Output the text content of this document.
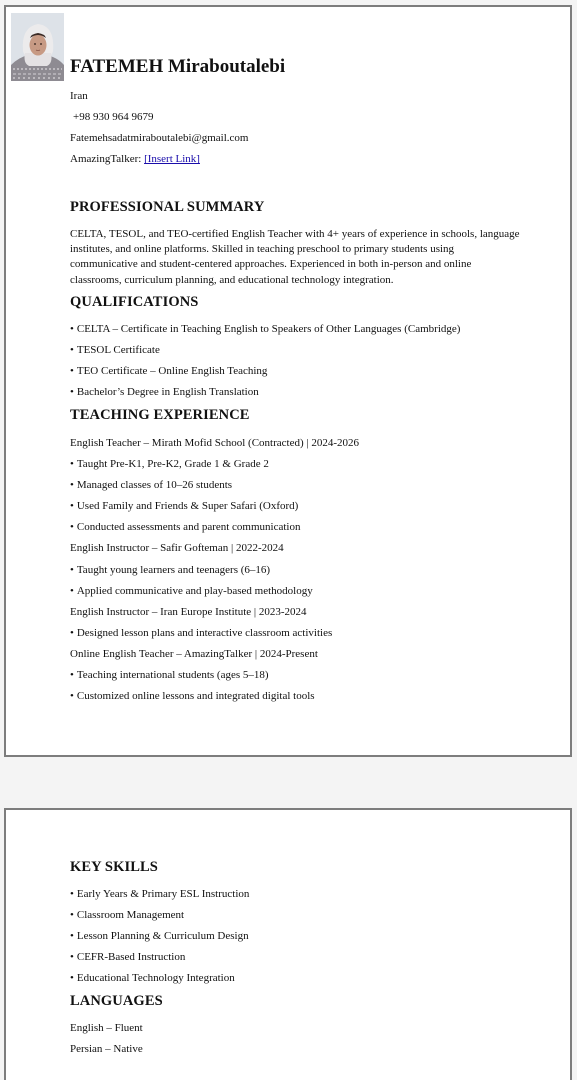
FATEMEH Miraboutalebi

Iran

+98 930 964 9679

Fatemehsadatmiraboutalebi@gmail.com

AmazingTalker: [Insert Link]

PROFESSIONAL SUMMARY

CELTA, TESOL, and TEO-certified English Teacher with 4+ years of experience in schools, language institutes, and online platforms. Skilled in teaching preschool to primary students using communicative and student-centered approaches. Experienced in both in-person and online classrooms, curriculum planning, and educational technology integration.

QUALIFICATIONS
• CELTA – Certificate in Teaching English to Speakers of Other Languages (Cambridge)
• TESOL Certificate
• TEO Certificate – Online English Teaching
• Bachelor’s Degree in English Translation
TEACHING EXPERIENCE
English Teacher – Mirath Mofid School (Contracted) | 2024-2026
• Taught Pre-K1, Pre-K2, Grade 1 & Grade 2
• Managed classes of 10–26 students
• Used Family and Friends & Super Safari (Oxford)
• Conducted assessments and parent communication
English Instructor – Safir Gofteman | 2022-2024
• Taught young learners and teenagers (6–16)
• Applied communicative and play-based methodology
English Instructor – Iran Europe Institute | 2023-2024
• Designed lesson plans and interactive classroom activities
Online English Teacher – AmazingTalker | 2024-Present
• Teaching international students (ages 5–18)
• Customized online lessons and integrated digital tools
KEY SKILLS
• Early Years & Primary ESL Instruction
• Classroom Management
• Lesson Planning & Curriculum Design
• CEFR-Based Instruction
• Educational Technology Integration
LANGUAGES
English – Fluent
Persian – Native
